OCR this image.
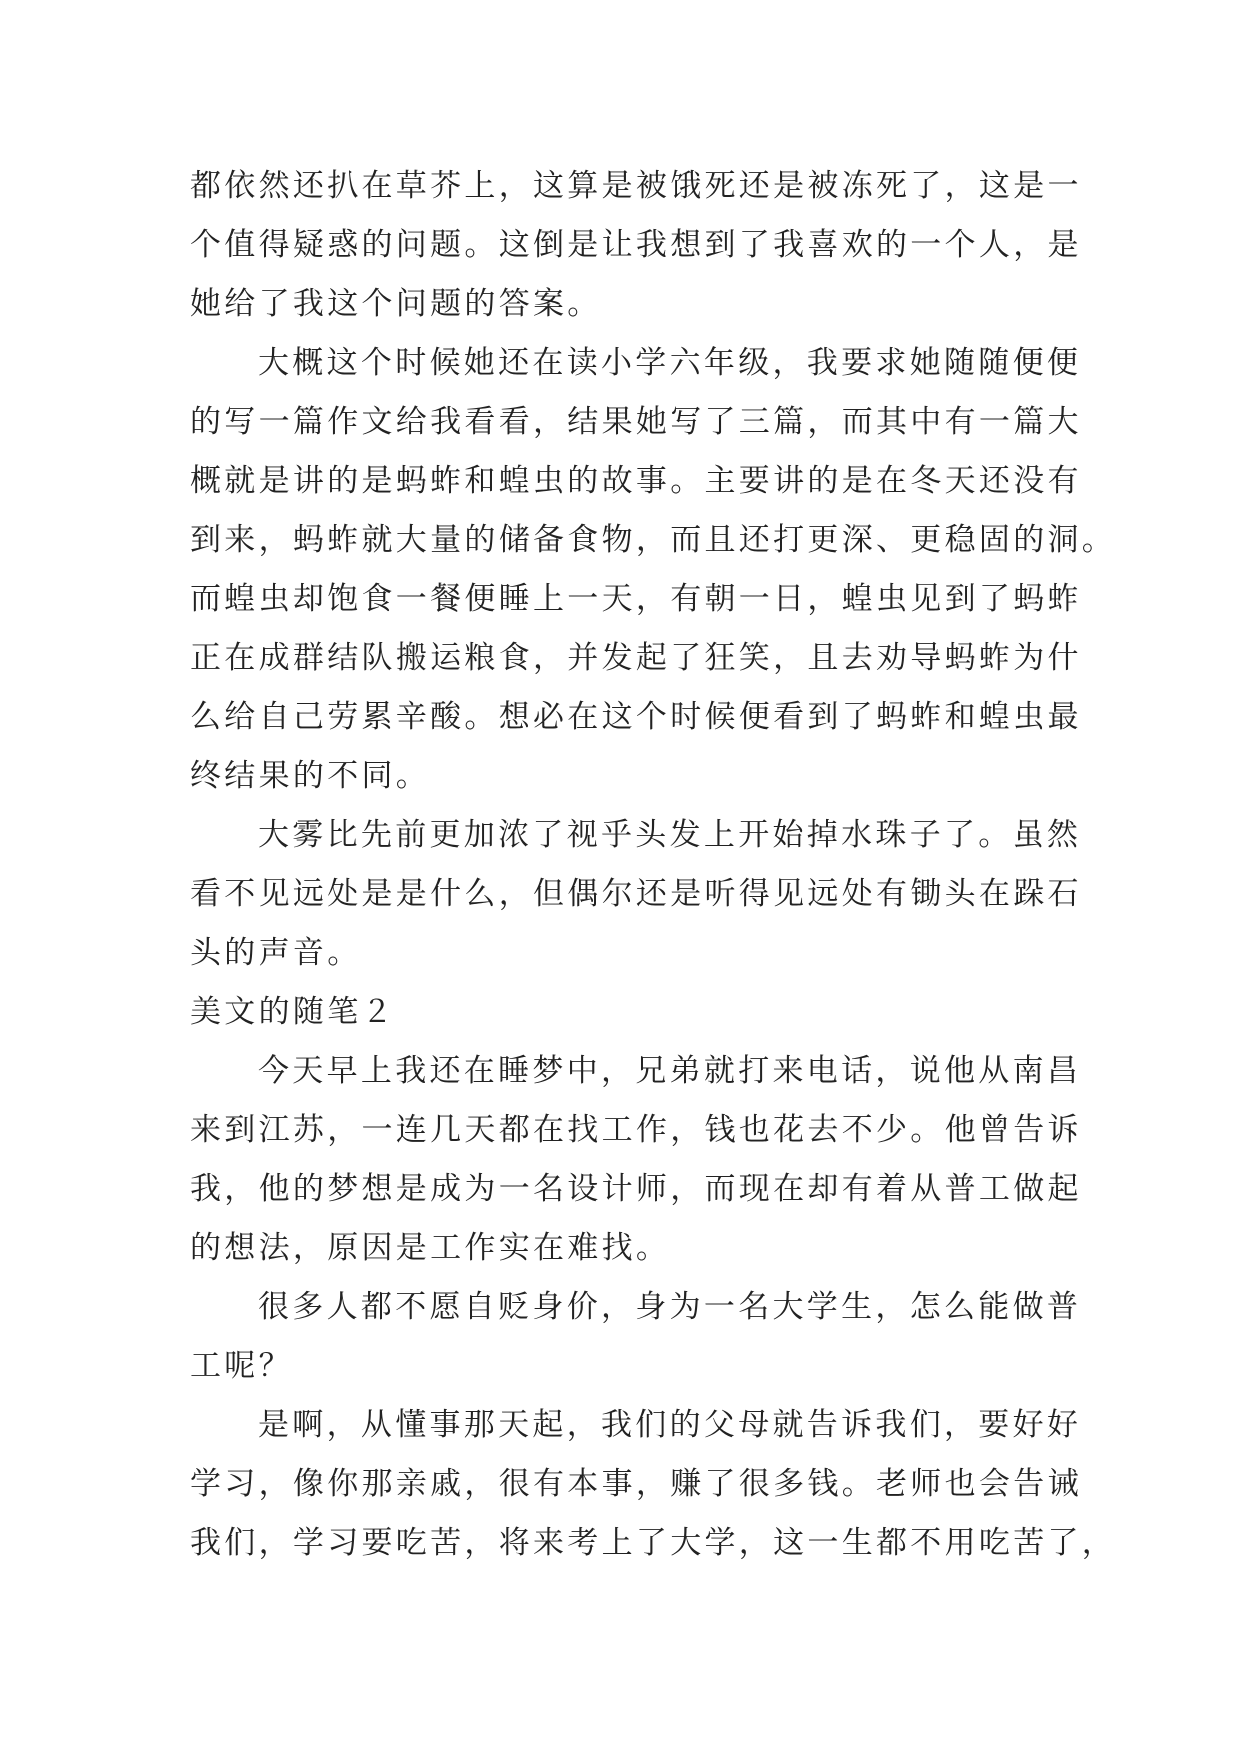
都依然还扒在草芥上，这算是被饿死还是被冻死了，这是一
个值得疑惑的问题。这倒是让我想到了我喜欢的一个人，是
她给了我这个问题的答案。

大概这个时候她还在读小学六年级，我要求她随随便便
的写一篇作文给我看看，结果她写了三篇，而其中有一篇大
概就是讲的是蚂蚱和蝗虫的故事。主要讲的是在冬天还没有
到来，蚂蚱就大量的储备食物，而且还打更深、更稳固的洞。
而蝗虫却饱食一餐便睡上一天，有朝一日，蝗虫见到了蚂蚱
正在成群结队搬运粮食，并发起了狂笑，且去劝导蚂蚱为什
么给自己劳累辛酸。想必在这个时候便看到了蚂蚱和蝗虫最
终结果的不同。

大雾比先前更加浓了视乎头发上开始掉水珠子了。虽然
看不见远处是是什么，但偶尔还是听得见远处有锄头在跺石
头的声音。

美文的随笔２

今天早上我还在睡梦中，兄弟就打来电话，说他从南昌
来到江苏，一连几天都在找工作，钱也花去不少。他曾告诉
我，他的梦想是成为一名设计师，而现在却有着从普工做起
的想法，原因是工作实在难找。

很多人都不愿自贬身价，身为一名大学生，怎么能做普
工呢？

是啊，从懂事那天起，我们的父母就告诉我们，要好好
学习，像你那亲戚，很有本事，赚了很多钱。老师也会告诫
我们，学习要吃苦，将来考上了大学，这一生都不用吃苦了，
